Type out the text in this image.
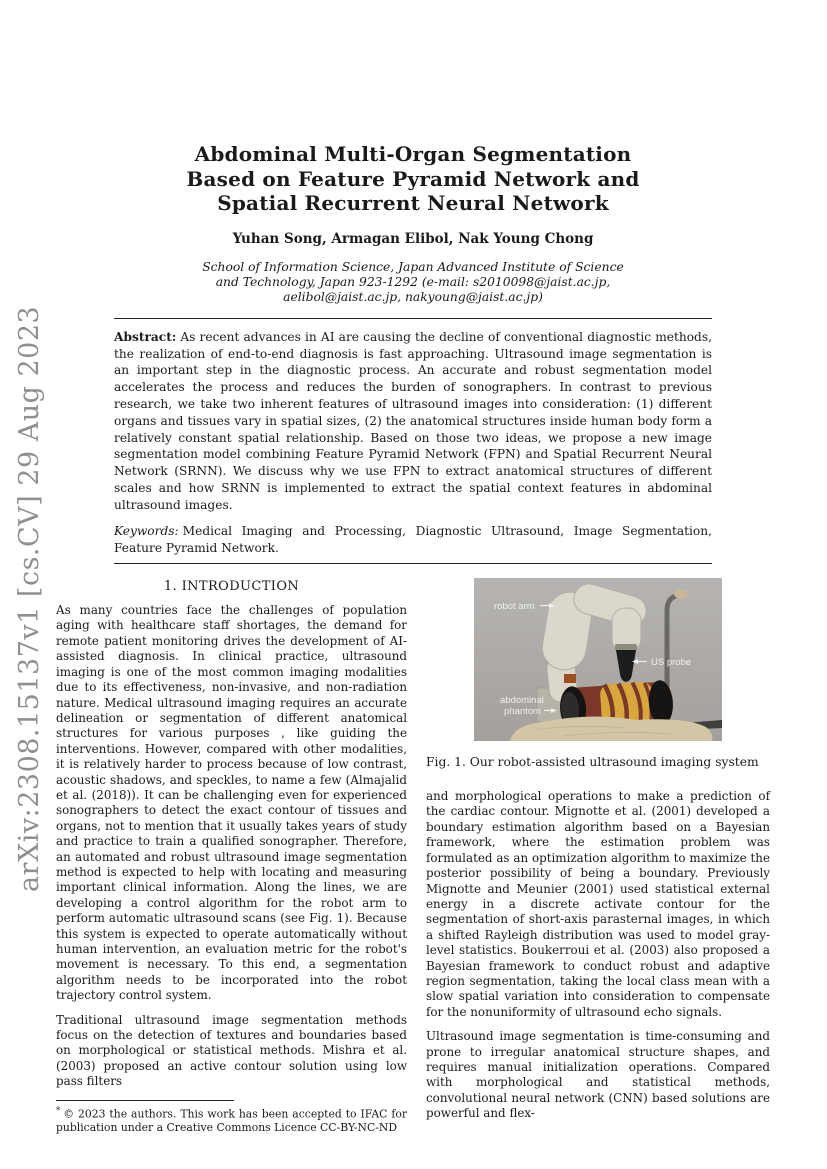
arXiv:2308.15137v1 [cs.CV] 29 Aug 2023
Abdominal Multi-Organ Segmentation
Based on Feature Pyramid Network and
Spatial Recurrent Neural Network
Yuhan Song, Armagan Elibol, Nak Young Chong
School of Information Science, Japan Advanced Institute of Science
and Technology, Japan 923-1292 (e-mail: s2010098@jaist.ac.jp,
aelibol@jaist.ac.jp, nakyoung@jaist.ac.jp)

Abstract: As recent advances in AI are causing the decline of conventional diagnostic methods, the realization of end-to-end diagnosis is fast approaching. Ultrasound image segmentation is an important step in the diagnostic process. An accurate and robust segmentation model accelerates the process and reduces the burden of sonographers. In contrast to previous research, we take two inherent features of ultrasound images into consideration: (1) different organs and tissues vary in spatial sizes, (2) the anatomical structures inside human body form a relatively constant spatial relationship. Based on those two ideas, we propose a new image segmentation model combining Feature Pyramid Network (FPN) and Spatial Recurrent Neural Network (SRNN). We discuss why we use FPN to extract anatomical structures of different scales and how SRNN is implemented to extract the spatial context features in abdominal ultrasound images.

Keywords: Medical Imaging and Processing, Diagnostic Ultrasound, Image Segmentation, Feature Pyramid Network.

1. INTRODUCTION

As many countries face the challenges of population aging with healthcare staff shortages, the demand for remote patient monitoring drives the development of AI-assisted diagnosis. In clinical practice, ultrasound imaging is one of the most common imaging modalities due to its effectiveness, non-invasive, and non-radiation nature. Medical ultrasound imaging requires an accurate delineation or segmentation of different anatomical structures for various purposes , like guiding the interventions. However, compared with other modalities, it is relatively harder to process because of low contrast, acoustic shadows, and speckles, to name a few (Almajalid et al. (2018)). It can be challenging even for experienced sonographers to detect the exact contour of tissues and organs, not to mention that it usually takes years of study and practice to train a qualified sonographer. Therefore, an automated and robust ultrasound image segmentation method is expected to help with locating and measuring important clinical information. Along the lines, we are developing a control algorithm for the robot arm to perform automatic ultrasound scans (see Fig. 1). Because this system is expected to operate automatically without human intervention, an evaluation metric for the robot's movement is necessary. To this end, a segmentation algorithm needs to be incorporated into the robot trajectory control system.

Traditional ultrasound image segmentation methods focus on the detection of textures and boundaries based on morphological or statistical methods. Mishra et al. (2003) proposed an active contour solution using low pass filters

* © 2023 the authors. This work has been accepted to IFAC for publication under a Creative Commons Licence CC-BY-NC-ND
robot arm
US probe
abdominal
phantom
Fig. 1. Our robot-assisted ultrasound imaging system

and morphological operations to make a prediction of the cardiac contour. Mignotte et al. (2001) developed a boundary estimation algorithm based on a Bayesian framework, where the estimation problem was formulated as an optimization algorithm to maximize the posterior possibility of being a boundary. Previously Mignotte and Meunier (2001) used statistical external energy in a discrete activate contour for the segmentation of short-axis parasternal images, in which a shifted Rayleigh distribution was used to model gray-level statistics. Boukerroui et al. (2003) also proposed a Bayesian framework to conduct robust and adaptive region segmentation, taking the local class mean with a slow spatial variation into consideration to compensate for the nonuniformity of ultrasound echo signals.

Ultrasound image segmentation is time-consuming and prone to irregular anatomical structure shapes, and requires manual initialization operations. Compared with morphological and statistical methods, convolutional neural network (CNN) based solutions are powerful and flex-
